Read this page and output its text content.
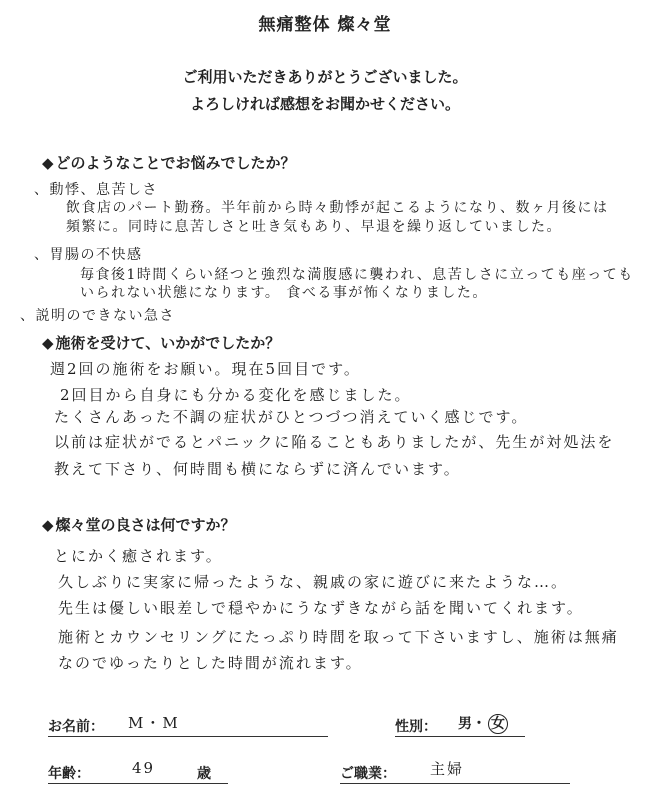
無痛整体 燦々堂
ご利用いただきありがとうございました。
よろしければ感想をお聞かせください。
◆ どのようなことでお悩みでしたか？
、動悸、息苦しさ
飲食店のパート勤務。半年前から時々動悸が起こるようになり、数ヶ月後には
頻繁に。同時に息苦しさと吐き気もあり、早退を繰り返していました。
、胃腸の不快感
毎食後1時間くらい経つと強烈な満腹感に襲われ、息苦しさに立っても座っても
いられない状態になります。 食べる事が怖くなりました。
、説明のできない急さ
◆ 施術を受けて、いかがでしたか？
週2回の施術をお願い。現在5回目です。
2回目から自身にも分かる変化を感じました。
たくさんあった不調の症状がひとつづつ消えていく感じです。
以前は症状がでるとパニックに陥ることもありましたが、先生が対処法を
教えて下さり、何時間も横にならずに済んでいます。
◆ 燦々堂の良さは何ですか？
とにかく癒されます。
久しぶりに実家に帰ったような、親戚の家に遊びに来たような…。
先生は優しい眼差しで穏やかにうなずきながら話を聞いてくれます。
施術とカウンセリングにたっぷり時間を取って下さいますし、施術は無痛
なのでゆったりとした時間が流れます。
お名前： M・M	性別： 男・ 女
年齢：	49	歳	ご職業： 主婦
